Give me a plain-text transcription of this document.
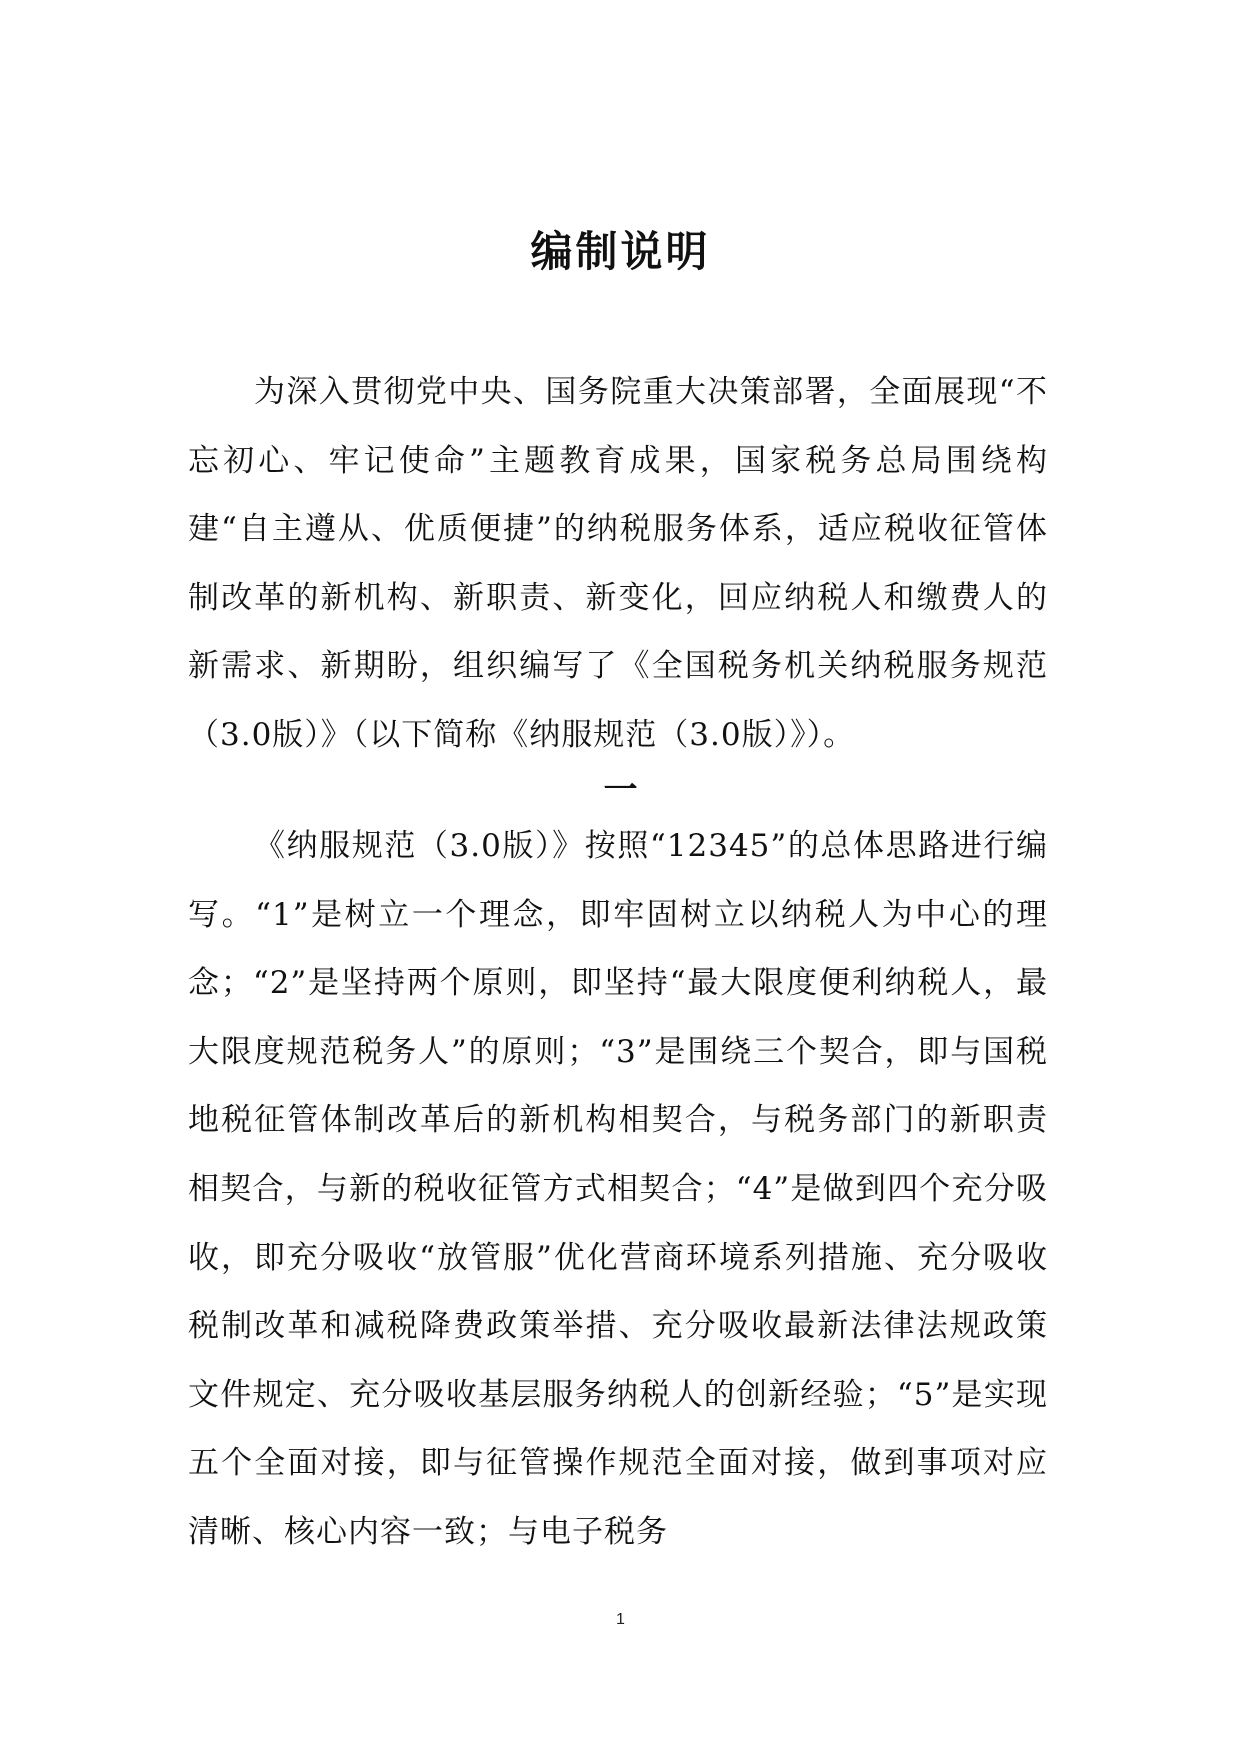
编制说明

为深入贯彻党中央、国务院重大决策部署，全面展现“不忘初心、牢记使命”主题教育成果，国家税务总局围绕构建“自主遵从、优质便捷”的纳税服务体系，适应税收征管体制改革的新机构、新职责、新变化，回应纳税人和缴费人的新需求、新期盼，组织编写了《全国税务机关纳税服务规范（3.0版）》（以下简称《纳服规范（3.0版）》）。

一

《纳服规范（3.0版）》按照“12345”的总体思路进行编写。“1”是树立一个理念，即牢固树立以纳税人为中心的理念；“2”是坚持两个原则，即坚持“最大限度便利纳税人，最大限度规范税务人”的原则；“3”是围绕三个契合，即与国税地税征管体制改革后的新机构相契合，与税务部门的新职责相契合，与新的税收征管方式相契合；“4”是做到四个充分吸收，即充分吸收“放管服”优化营商环境系列措施、充分吸收税制改革和减税降费政策举措、充分吸收最新法律法规政策文件规定、充分吸收基层服务纳税人的创新经验；“5”是实现五个全面对接，即与征管操作规范全面对接，做到事项对应清晰、核心内容一致；与电子税务

1
